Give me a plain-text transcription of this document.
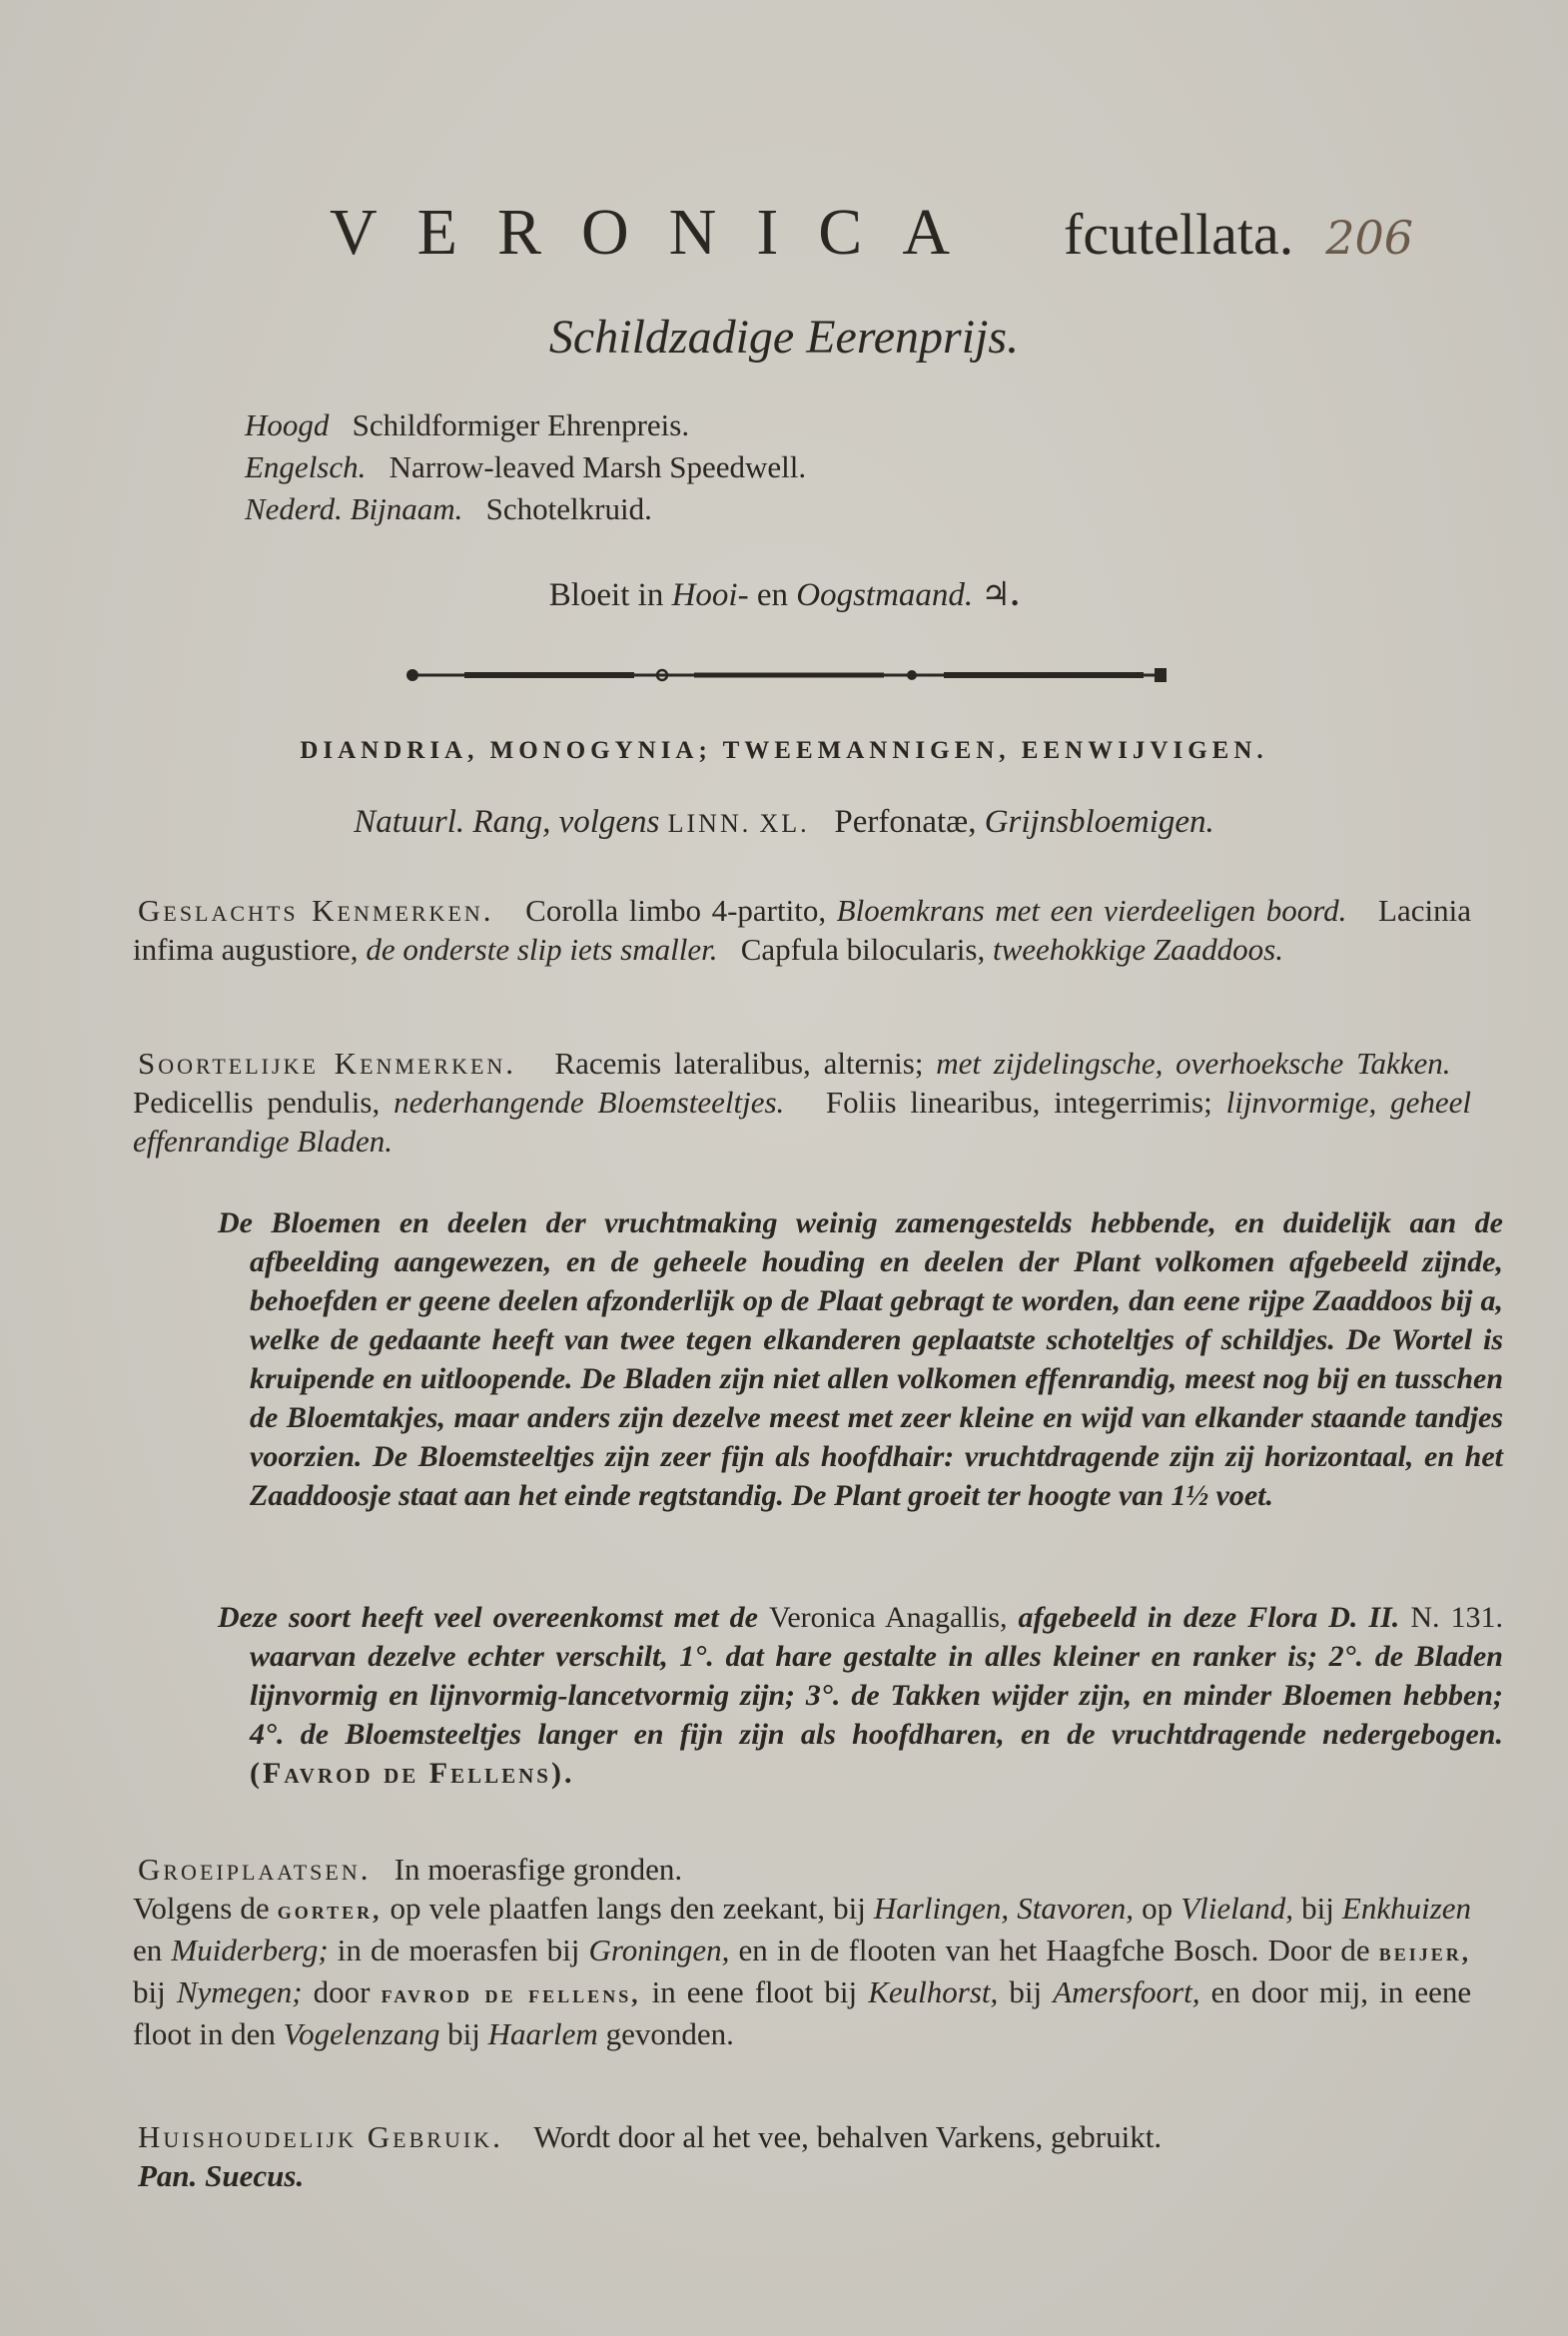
VERONICA fcutellata. 206
Schildzadige Eerenprijs.
Hoogd Schildformiger Ehrenpreis.
Engelsch. Narrow-leaved Marsh Speedwell.
Nederd. Bijnaam. Schotelkruid.
Bloeit in Hooi- en Oogstmaand. ♃.
DIANDRIA, MONOGYNIA; TWEEMANNIGEN, EENWIJVIGEN.
Natuurl. Rang, volgens LINN. XL. Perfonatæ, Grijnsbloemigen.
Geslachts Kenmerken. Corolla limbo 4-partito, Bloemkrans met een vierdeeligen boord. Lacinia infima augustiore, de onderste slip iets smaller. Capfula bilocularis, tweehokkige Zaaddoos.
Soortelijke Kenmerken. Racemis lateralibus, alternis; met zijdelingsche, overhoeksche Takken.   Pedicellis pendulis, nederhangende Bloemsteeltjes. Foliis linearibus, integerrimis; lijnvormige, geheel effenrandige Bladen.
De Bloemen en deelen der vruchtmaking weinig zamengestelds hebbende, en duidelijk aan de afbeelding aangewezen, en de geheele houding en deelen der Plant volkomen afgebeeld zijnde, behoefden er geene deelen afzonderlijk op de Plaat gebragt te worden, dan eene rijpe Zaaddoos bij a, welke de gedaante heeft van twee tegen elkanderen geplaatste schoteltjes of schildjes. De Wortel is kruipende en uitloopende. De Bladen zijn niet allen volkomen effenrandig, meest nog bij en tusschen de Bloemtakjes, maar anders zijn dezelve meest met zeer kleine en wijd van elkander staande tandjes voorzien. De Bloemsteeltjes zijn zeer fijn als hoofdhair: vruchtdragende zijn zij horizontaal, en het Zaaddoosje staat aan het einde regtstandig. De Plant groeit ter hoogte van 1½ voet.
Deze soort heeft veel overeenkomst met de Veronica Anagallis, afgebeeld in deze Flora D. II. N. 131. waarvan dezelve echter verschilt, 1°. dat hare gestalte in alles kleiner en ranker is; 2°. de Bladen lijnvormig en lijnvormig-lancetvormig zijn; 3°. de Takken wijder zijn, en minder Bloemen hebben; 4°. de Bloemsteeltjes langer en fijn zijn als hoofdharen, en de vruchtdragende nedergebogen. (Favrod de Fellens).
Groeiplaatsen. In moerasfige gronden.
Volgens de gorter, op vele plaatfen langs den zeekant, bij Harlingen, Stavoren, op Vlieland, bij Enkhuizen en Muiderberg; in de moerasfen bij Groningen, en in de flooten van het Haagfche Bosch. Door de beijer, bij Nymegen; door favrod de fellens, in eene floot bij Keulhorst, bij Amersfoort, en door mij, in eene floot in den Vogelenzang bij Haarlem gevonden.
Huishoudelijk Gebruik. Wordt door al het vee, behalven Varkens, gebruikt.
Pan. Suecus.
